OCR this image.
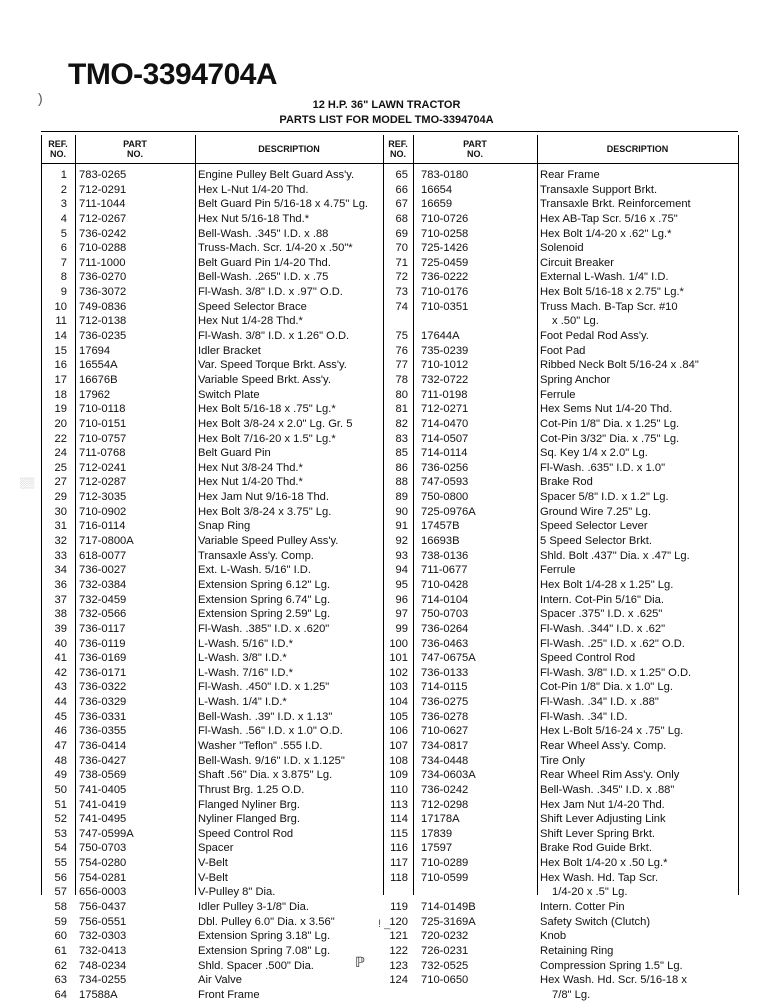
TMO-3394704A
)
░░
12 H.P. 36" LAWN TRACTOR
PARTS LIST FOR MODEL TMO-3394704A
REF.
NO.
PART
NO.	DESCRIPTION	REF.
NO.
PART
NO.	DESCRIPTION
1 783-0265	Engine Pulley Belt Guard Ass'y.
2 712-0291	Hex L-Nut 1/4-20 Thd.
3 711-1044	Belt Guard Pin 5/16-18 x 4.75" Lg.
4 712-0267	Hex Nut 5/16-18 Thd.*
5 736-0242	Bell-Wash. .345" I.D. x .88
6 710-0288	Truss-Mach. Scr. 1/4-20 x .50"*
7 711-1000	Belt Guard Pin 1/4-20 Thd.
8 736-0270	Bell-Wash. .265" I.D. x .75
9 736-3072	Fl-Wash. 3/8" I.D. x .97" O.D.
10 749-0836	Speed Selector Brace
11 712-0138	Hex Nut 1/4-28 Thd.*
14 736-0235	Fl-Wash. 3/8" I.D. x 1.26" O.D.
15 17694	Idler Bracket
16 16554A	Var. Speed Torque Brkt. Ass'y.
17 16676B	Variable Speed Brkt. Ass'y.
18 17962	Switch Plate
19 710-0118	Hex Bolt 5/16-18 x .75" Lg.*
20 710-0151	Hex Bolt 3/8-24 x 2.0" Lg. Gr. 5
22 710-0757	Hex Bolt 7/16-20 x 1.5" Lg.*
24 711-0768	Belt Guard Pin
25 712-0241	Hex Nut 3/8-24 Thd.*
27 712-0287	Hex Nut 1/4-20 Thd.*
29 712-3035	Hex Jam Nut 9/16-18 Thd.
30 710-0902	Hex Bolt 3/8-24 x 3.75" Lg.
31 716-0114	Snap Ring
32 717-0800A	Variable Speed Pulley Ass'y.
33 618-0077	Transaxle Ass'y. Comp.
34 736-0027	Ext. L-Wash. 5/16" I.D.
36 732-0384	Extension Spring 6.12" Lg.
37 732-0459	Extension Spring 6.74" Lg.
38 732-0566	Extension Spring 2.59" Lg.
39 736-0117	Fl-Wash. .385" I.D. x .620"
40 736-0119	L-Wash. 5/16" I.D.*
41 736-0169	L-Wash. 3/8" I.D.*
42 736-0171	L-Wash. 7/16" I.D.*
43 736-0322	Fl-Wash. .450" I.D. x 1.25"
44 736-0329	L-Wash. 1/4" I.D.*
45 736-0331	Bell-Wash. .39" I.D. x 1.13"
46 736-0355	Fl-Wash. .56" I.D. x 1.0" O.D.
47 736-0414	Washer "Teflon" .555 I.D.
48 736-0427	Bell-Wash. 9/16" I.D. x 1.125"
49 738-0569	Shaft .56" Dia. x 3.875" Lg.
50 741-0405	Thrust Brg. 1.25 O.D.
51 741-0419	Flanged Nyliner Brg.
52 741-0495	Nyliner Flanged Brg.
53 747-0599A	Speed Control Rod
54 750-0703	Spacer
55 754-0280	V-Belt
56 754-0281	V-Belt
57 656-0003	V-Pulley 8" Dia.
58 756-0437	Idler Pulley 3-1/8" Dia.
59 756-0551	Dbl. Pulley 6.0" Dia. x 3.56"
60 732-0303	Extension Spring 3.18" Lg.
61 732-0413	Extension Spring 7.08" Lg.
62 748-0234	Shld. Spacer .500" Dia.
63 734-0255	Air Valve
64 17588A	Front Frame
65 783-0180	Rear Frame
66 16654	Transaxle Support Brkt.
67 16659	Transaxle Brkt. Reinforcement
68 710-0726	Hex AB-Tap Scr. 5/16 x .75"
69 710-0258	Hex Bolt 1/4-20 x .62" Lg.*
70 725-1426	Solenoid
71 725-0459	Circuit Breaker
72 736-0222	External L-Wash. 1/4" I.D.
73 710-0176	Hex Bolt 5/16-18 x 2.75" Lg.*
74 710-0351	Truss Mach. B-Tap Scr. #10
x .50" Lg.
75 17644A	Foot Pedal Rod Ass'y.
76 735-0239	Foot Pad
77 710-1012	Ribbed Neck Bolt 5/16-24 x .84"
78 732-0722	Spring Anchor
80 711-0198	Ferrule
81 712-0271	Hex Sems Nut 1/4-20 Thd.
82 714-0470	Cot-Pin 1/8" Dia. x 1.25" Lg.
83 714-0507	Cot-Pin 3/32" Dia. x .75" Lg.
85 714-0114	Sq. Key 1/4 x 2.0" Lg.
86 736-0256	Fl-Wash. .635" I.D. x 1.0"
88 747-0593	Brake Rod
89 750-0800	Spacer 5/8" I.D. x 1.2" Lg.
90 725-0976A	Ground Wire 7.25" Lg.
91 17457B	Speed Selector Lever
92 16693B	5 Speed Selector Brkt.
93 738-0136	Shld. Bolt .437" Dia. x .47" Lg.
94 711-0677	Ferrule
95 710-0428	Hex Bolt 1/4-28 x 1.25" Lg.
96 714-0104	Intern. Cot-Pin 5/16" Dia.
97 750-0703	Spacer .375" I.D. x .625"
99 736-0264	Fl-Wash. .344" I.D. x .62"
100 736-0463	Fl-Wash. .25" I.D. x .62" O.D.
101 747-0675A	Speed Control Rod
102 736-0133	Fl-Wash. 3/8" I.D. x 1.25" O.D.
103 714-0115	Cot-Pin 1/8" Dia. x 1.0" Lg.
104 736-0275	Fl-Wash. .34" I.D. x .88"
105 736-0278	Fl-Wash. .34" I.D.
106 710-0627	Hex L-Bolt 5/16-24 x .75" Lg.
107 734-0817	Rear Wheel Ass'y. Comp.
108 734-0448	Tire Only
109 734-0603A	Rear Wheel Rim Ass'y. Only
110 736-0242	Bell-Wash. .345" I.D. x .88"
113 712-0298	Hex Jam Nut 1/4-20 Thd.
114 17178A	Shift Lever Adjusting Link
115 17839	Shift Lever Spring Brkt.
116 17597	Brake Rod Guide Brkt.
117 710-0289	Hex Bolt 1/4-20 x .50 Lg.*
118 710-0599	Hex Wash. Hd. Tap Scr.
1/4-20 x .5" Lg.
119 714-0149B	Intern. Cotter Pin
120 725-3169A	Safety Switch (Clutch)
121 720-0232	Knob
122 726-0231	Retaining Ring
123 732-0525	Compression Spring 1.5" Lg.
124 710-0650	Hex Wash. Hd. Scr. 5/16-18 x
7/8" Lg.
! _
ℙ
